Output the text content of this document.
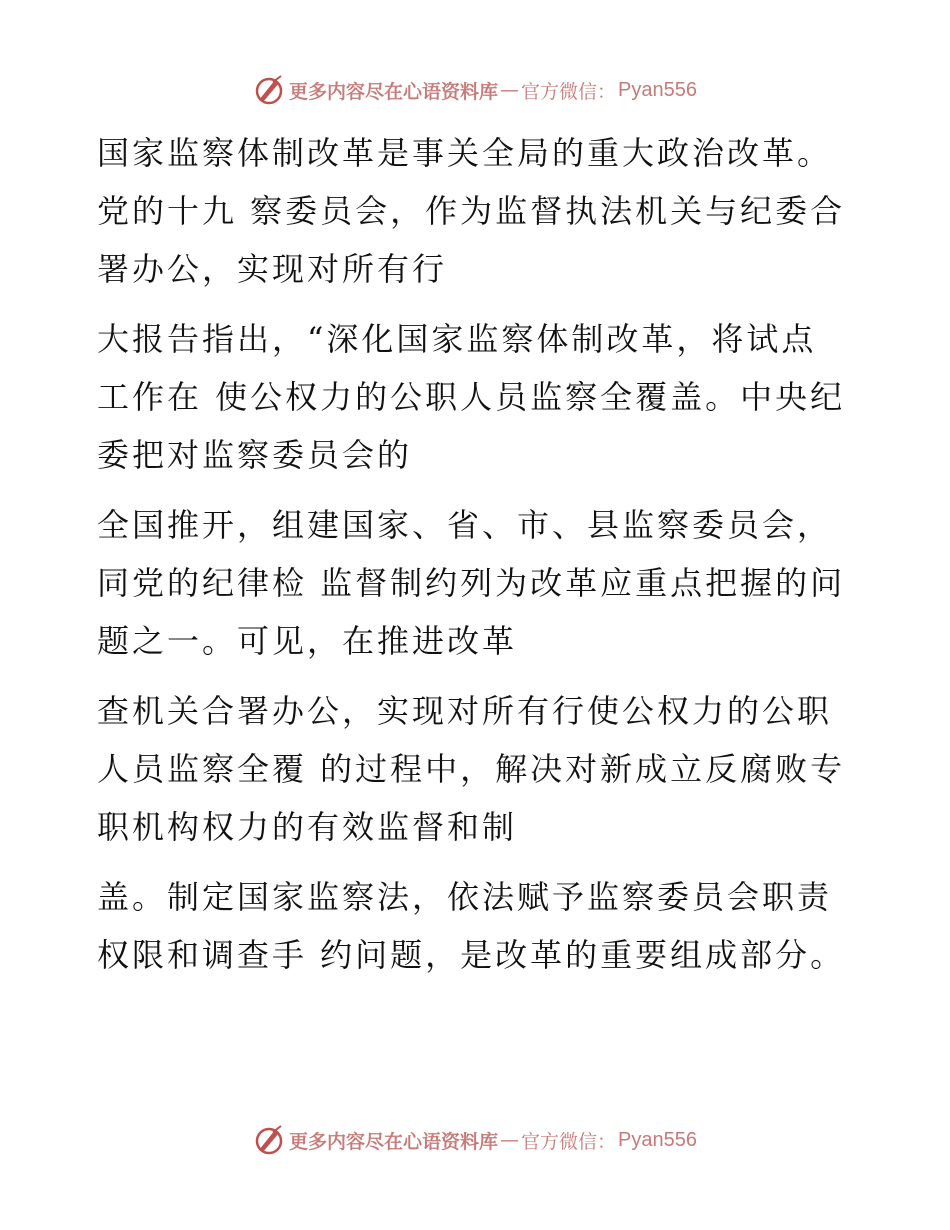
更多内容尽在心语资料库 — 官方微信： Pyan556
国家监察体制改革是事关全局的重大政治改革。
党的十九 察委员会，作为监督执法机关与纪委合
署办公，实现对所有行
大报告指出，“深化国家监察体制改革，将试点
工作在 使公权力的公职人员监察全覆盖。中央纪
委把对监察委员会的
全国推开，组建国家、省、市、县监察委员会，
同党的纪律检 监督制约列为改革应重点把握的问
题之一。可见，在推进改革
查机关合署办公，实现对所有行使公权力的公职
人员监察全覆 的过程中，解决对新成立反腐败专
职机构权力的有效监督和制
盖。制定国家监察法，依法赋予监察委员会职责
权限和调查手 约问题，是改革的重要组成部分。
更多内容尽在心语资料库 — 官方微信： Pyan556
